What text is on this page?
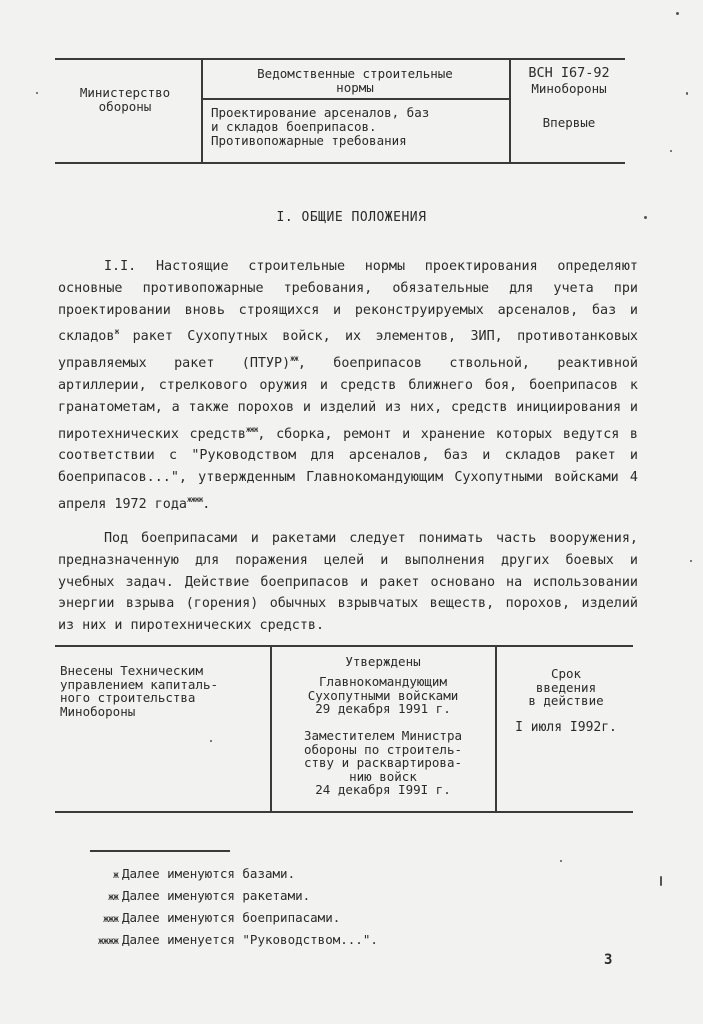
Министерство
обороны
Ведомственные строительные
нормы
Проектирование арсеналов, баз
и складов боеприпасов.
Противопожарные требования
ВСН I67-92
Минобороны
Впервые
I. ОБЩИЕ ПОЛОЖЕНИЯ

I.I. Настоящие строительные нормы проектирования определяют основные противопожарные требования, обязательные для учета при проектировании вновь строящихся и реконструируемых арсеналов, баз и складов$^ж$ ракет Сухопутных войск, их элементов, ЗИП, противотанковых управляемых ракет (ПТУР)$^{жж}$, боеприпасов ствольной, реактивной артиллерии, стрелкового оружия и средств ближнего боя, боеприпасов к гранатометам, а также порохов и изделий из них, средств инициирования и пиротехнических средств$^{жжж}$, сборка, ремонт и хранение которых ведутся в соответствии с "Руководством для арсеналов, баз и складов ракет и боеприпасов...", утвержденным Главнокомандующим Сухопутными войсками 4 апреля 1972 года$^{жжжж}$.

Под боеприпасами и ракетами следует понимать часть вооружения, предназначенную для поражения целей и выполнения других боевых и учебных задач. Действие боеприпасов и ракет основано на использовании энергии взрыва (горения) обычных взрывчатых веществ, порохов, изделий из них и пиротехнических средств.

Внесены Техническим
управлением капиталь-
ного строительства
Минобороны
Утверждены
Главнокомандующим
Сухопутными войсками
29 декабря 1991 г.
Заместителем Министра
обороны по строитель-
ству и расквартирова-
нию войск
24 декабря I99I г.
Срок
введения
в действие
I июля I992г.
ж Далее именуются базами.
жж Далее именуются ракетами.
жжж Далее именуются боеприпасами.
жжжж Далее именуется "Руководством...".
3
